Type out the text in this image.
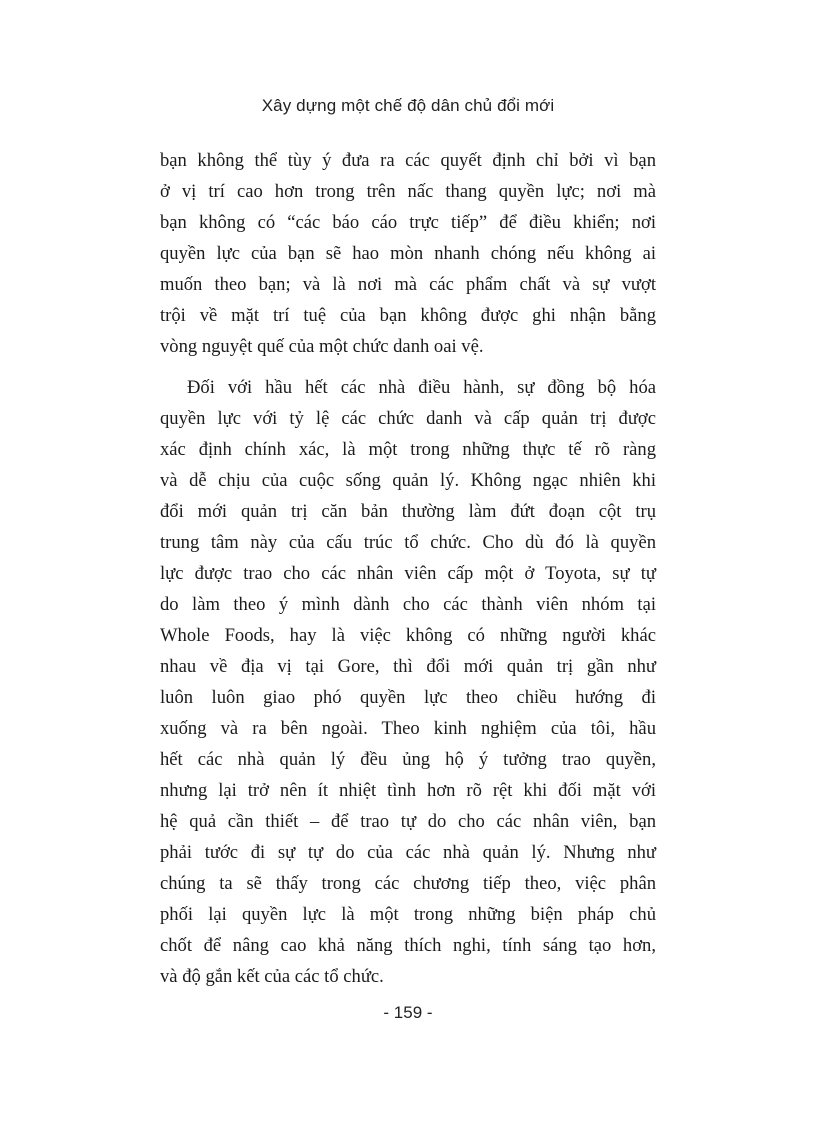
Xây dựng một chế độ dân chủ đổi mới
bạn không thể tùy ý đưa ra các quyết định chỉ bởi vì bạn
ở vị trí cao hơn trong trên nấc thang quyền lực; nơi mà
bạn không có “các báo cáo trực tiếp” để điều khiển; nơi
quyền lực của bạn sẽ hao mòn nhanh chóng nếu không ai
muốn theo bạn; và là nơi mà các phẩm chất và sự vượt
trội về mặt trí tuệ của bạn không được ghi nhận bằng
vòng nguyệt quế của một chức danh oai vệ.
Đối với hầu hết các nhà điều hành, sự đồng bộ hóa
quyền lực với tỷ lệ các chức danh và cấp quản trị được
xác định chính xác, là một trong những thực tế rõ ràng
và dễ chịu của cuộc sống quản lý. Không ngạc nhiên khi
đổi mới quản trị căn bản thường làm đứt đoạn cột trụ
trung tâm này của cấu trúc tổ chức. Cho dù đó là quyền
lực được trao cho các nhân viên cấp một ở Toyota, sự tự
do làm theo ý mình dành cho các thành viên nhóm tại
Whole Foods, hay là việc không có những người khác
nhau về địa vị tại Gore, thì đổi mới quản trị gần như
luôn luôn giao phó quyền lực theo chiều hướng đi
xuống và ra bên ngoài. Theo kinh nghiệm của tôi, hầu
hết các nhà quản lý đều ủng hộ ý tưởng trao quyền,
nhưng lại trở nên ít nhiệt tình hơn rõ rệt khi đối mặt với
hệ quả cần thiết – để trao tự do cho các nhân viên, bạn
phải tước đi sự tự do của các nhà quản lý. Nhưng như
chúng ta sẽ thấy trong các chương tiếp theo, việc phân
phối lại quyền lực là một trong những biện pháp chủ
chốt để nâng cao khả năng thích nghi, tính sáng tạo hơn,
và độ gắn kết của các tổ chức.
- 159 -
